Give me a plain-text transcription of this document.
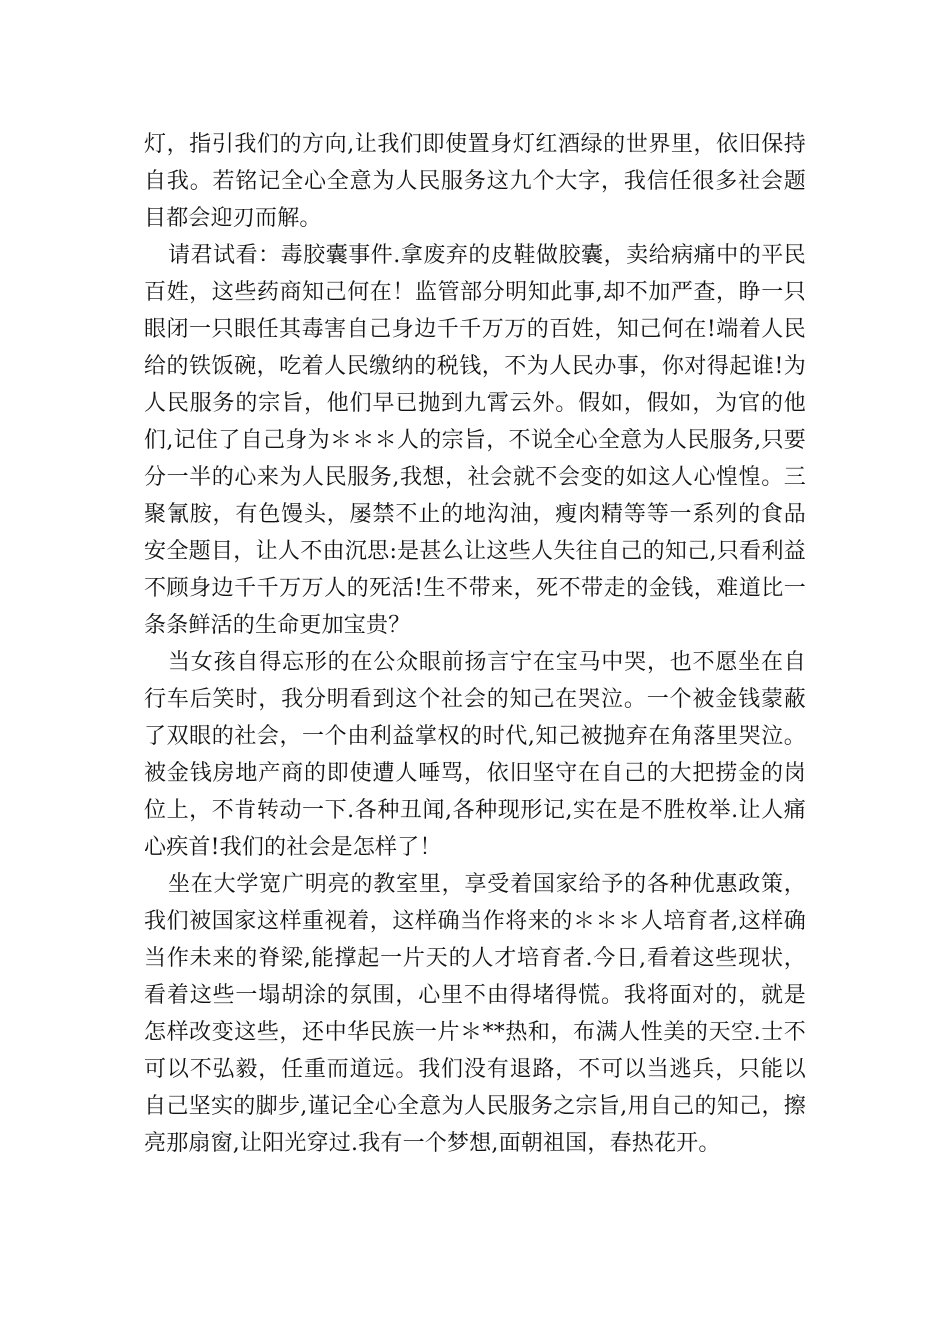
灯，指引我们的方向,让我们即使置身灯红酒绿的世界里，依旧保持自我。若铭记全心全意为人民服务这九个大字，我信任很多社会题目都会迎刃而解。

请君试看：毒胶囊事件.拿废弃的皮鞋做胶囊，卖给病痛中的平民百姓，这些药商知己何在！监管部分明知此事,却不加严查，睁一只眼闭一只眼任其毒害自己身边千千万万的百姓，知己何在!端着人民给的铁饭碗，吃着人民缴纳的税钱，不为人民办事，你对得起谁!为人民服务的宗旨，他们早已抛到九霄云外。假如，假如，为官的他们,记住了自己身为＊＊＊人的宗旨，不说全心全意为人民服务,只要分一半的心来为人民服务,我想，社会就不会变的如这人心惶惶。三聚氰胺，有色馒头，屡禁不止的地沟油，瘦肉精等等一系列的食品安全题目，让人不由沉思:是甚么让这些人失往自己的知己,只看利益不顾身边千千万万人的死活!生不带来，死不带走的金钱，难道比一条条鲜活的生命更加宝贵？

当女孩自得忘形的在公众眼前扬言宁在宝马中哭，也不愿坐在自行车后笑时，我分明看到这个社会的知己在哭泣。一个被金钱蒙蔽了双眼的社会，一个由利益掌权的时代,知己被抛弃在角落里哭泣。被金钱房地产商的即使遭人唾骂，依旧坚守在自己的大把捞金的岗位上，不肯转动一下.各种丑闻,各种现形记,实在是不胜枚举.让人痛心疾首!我们的社会是怎样了！

坐在大学宽广明亮的教室里，享受着国家给予的各种优惠政策，我们被国家这样重视着，这样确当作将来的＊＊＊人培育者,这样确当作未来的脊梁,能撑起一片天的人才培育者.今日,看着这些现状，看着这些一塌胡涂的氛围，心里不由得堵得慌。我将面对的，就是怎样改变这些，还中华民族一片＊**热和，布满人性美的天空.士不可以不弘毅，任重而道远。我们没有退路，不可以当逃兵，只能以自己坚实的脚步,谨记全心全意为人民服务之宗旨,用自己的知己，擦亮那扇窗,让阳光穿过.我有一个梦想,面朝祖国，春热花开。
